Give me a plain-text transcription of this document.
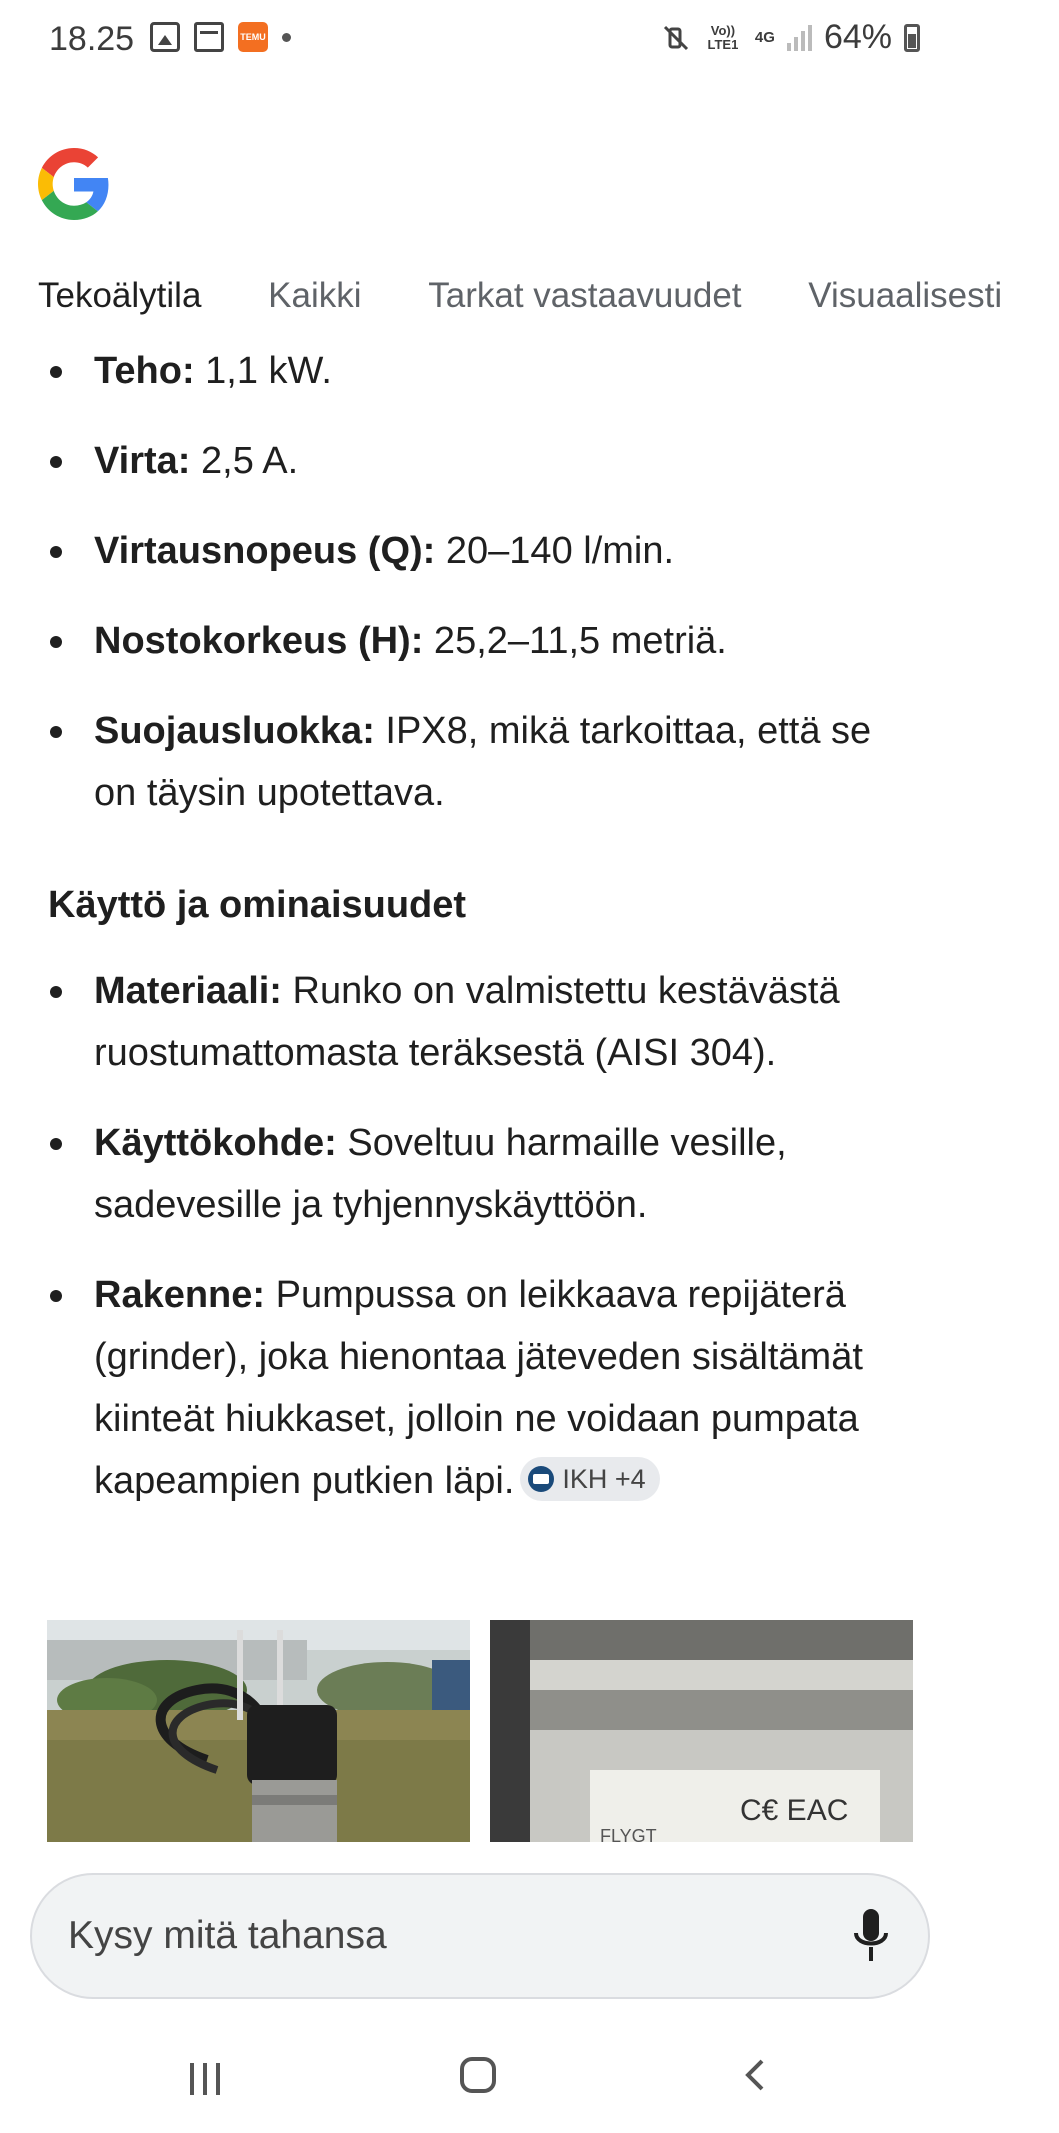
18.25	TEMU	Vo)) LTE1	4G 64%
Tekoälytila Kaikki Tarkat vastaavuudet Visuaalisesti
Teho: 1,1 kW.
Virta: 2,5 A.
Virtausnopeus (Q): 20–140 l/min.
Nostokorkeus (H): 25,2–11,5 metriä.
Suojausluokka: IPX8, mikä tarkoittaa, että se on täysin upotettava.
Käyttö ja ominaisuudet
Materiaali: Runko on valmistettu kestävästä ruostumattomasta teräksestä (AISI 304).
Käyttökohde: Soveltuu harmaille vesille, sadevesille ja tyhjennyskäyttöön.
Rakenne: Pumpussa on leikkaava repijäterä (grinder), joka hienontaa jäteveden sisältämät kiinteät hiukkaset, jolloin ne voidaan pumpata kapeampien putkien läpi. IKH +4
C€ EAC
FLYGT
Kysy mitä tahansa
